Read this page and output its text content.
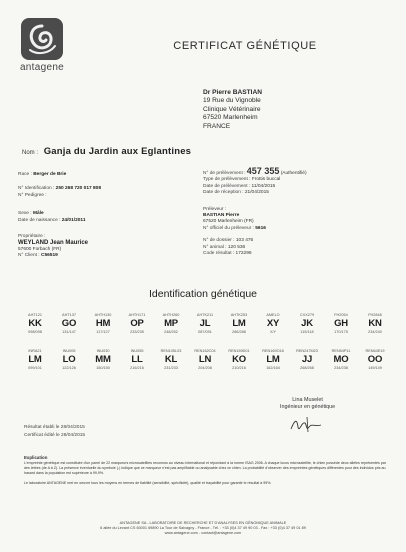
antagene
CERTIFICAT GÉNÉTIQUE
Dr Pierre BASTIAN
19 Rue du Vignoble
Clinique Vétérinaire
67520 Marlenheim
FRANCE
Nom : Ganja du Jardin aux Eglantines
Race : Berger de Brie
N° Identification : 250 268 720 017 808
N° Pedigree :
Sexe : Mâle
Date de naissance : 24/01/2011
Propriétaire :
WEYLAND Jean Maurice
57600 Forbach (FR)
N° Client : C56519
N° de prélèvement : 457 355 (Authentifié)
Type de prélèvement : Frottis buccal
Date de prélèvement : 11/04/2015
Date de réception : 21/04/2015
Préleveur :
BASTIAN Pierre
67520 Marlenheim (FR)
N° officiel du préleveur : 5616
N° de dossier : 103 476
N° animal : 120 536
Code résultat : 172296
Identification génétique
AHT121
KK
098/098
AHT137
GO
131/147
AHTH130
HM
117/127
AHTH171
OP
233/235
AHTH260
MP
248/252
AHTK211
JL
087/091
AHTK253
LM
286/288
AMELO
XY
X/Y
CXX279
JK
115/118
FH2054
GH
170/175
FH2848
KN
234/240
INRA21
LM
099/101
INU005
LO
122/126
INU030
MM
150/150
INU055
LL
216/216
REN105L03
KL
231/233
REN162C04
LN
204/208
REN169D01
KO
210/216
REN169O18
LM
162/164
REN247M23
JJ
268/268
REN54P11
MO
234/238
REN64E19
OO
149/149
Lina Muselet
Ingénieur en génétique
Résultat établi le 28/04/2015
Certificat édité le 28/04/2015
Explication
L'empreinte génétique est constituée d'un panel de 22 marqueurs microsatellites reconnus au niveau international et répondant à la norme ISAG 2006. A chaque locus microsatellite, le chien possède deux allèles représentés par des lettres (de A à Z). La présence éventuelle du symbole (-) indique que ce marqueur n'est pas amplifiable ou analysable chez ce chien. La probabilité d'observer des empreintes génétiques différentes pour des individus pris au hasard dans la population est supérieure à 99,9%.
Le laboratoire ANTAGENE met en oeuvre tous les moyens en termes de fiabilité (sensibilité, spécificité), qualité et traçabilité pour garantir le résultat à 99%.
ANTAGENE SA - LABORATOIRE DE RECHERCHE ET D'ANALYSES EN GÉNOMIQUE ANIMALE
6 allée du Levant CS 60001 69890 La Tour de Salvagny - France - Tél. : +33 (0)4 37 49 90 03 - Fax : +33 (0)4 37 49 01 89
www.antagene.com - contact@antagene.com
